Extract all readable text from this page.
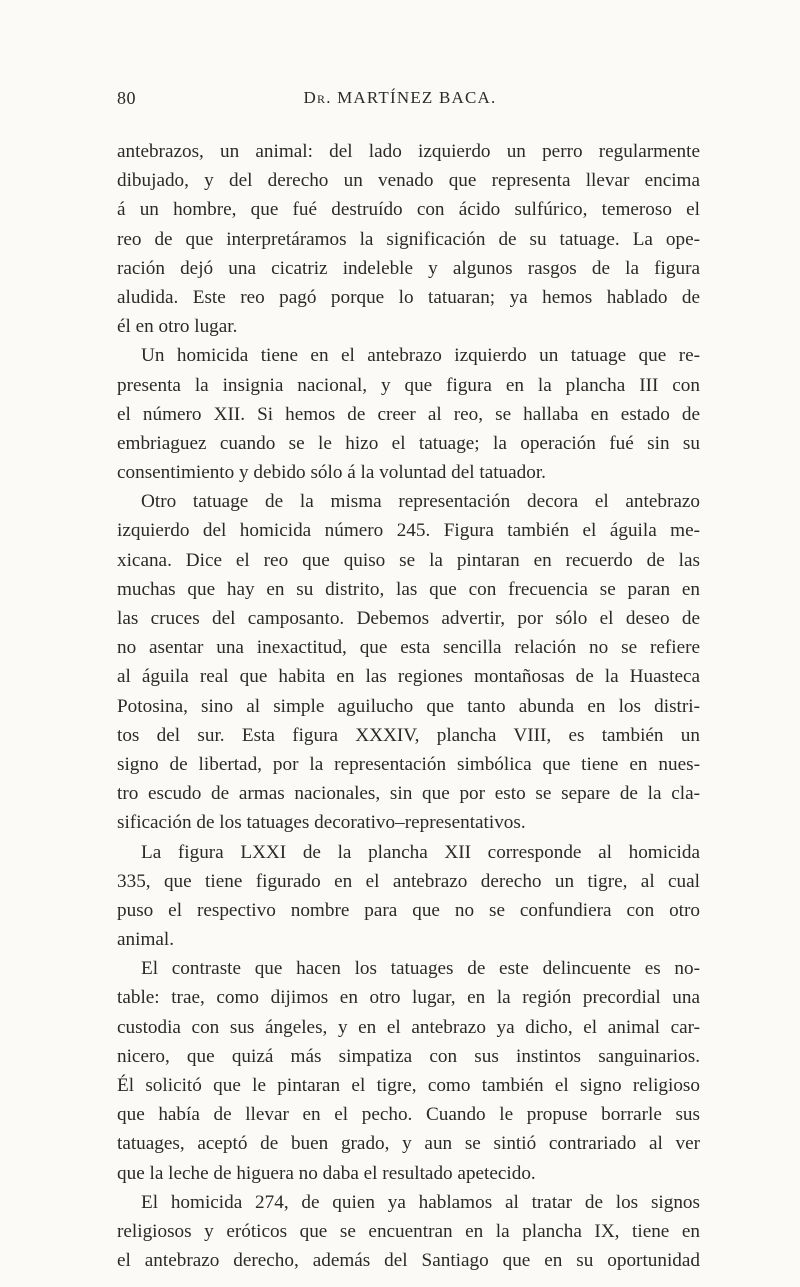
80	Dr. MARTÍNEZ BACA.
antebrazos, un animal: del lado izquierdo un perro regularmente
dibujado, y del derecho un venado que representa llevar encima
á un hombre, que fué destruído con ácido sulfúrico, temeroso el
reo de que interpretáramos la significación de su tatuage. La ope-
ración dejó una cicatriz indeleble y algunos rasgos de la figura
aludida. Este reo pagó porque lo tatuaran; ya hemos hablado de
él en otro lugar.
Un homicida tiene en el antebrazo izquierdo un tatuage que re-
presenta la insignia nacional, y que figura en la plancha III con
el número XII. Si hemos de creer al reo, se hallaba en estado de
embriaguez cuando se le hizo el tatuage; la operación fué sin su
consentimiento y debido sólo á la voluntad del tatuador.
Otro tatuage de la misma representación decora el antebrazo
izquierdo del homicida número 245. Figura también el águila me-
xicana. Dice el reo que quiso se la pintaran en recuerdo de las
muchas que hay en su distrito, las que con frecuencia se paran en
las cruces del camposanto. Debemos advertir, por sólo el deseo de
no asentar una inexactitud, que esta sencilla relación no se refiere
al águila real que habita en las regiones montañosas de la Huasteca
Potosina, sino al simple aguilucho que tanto abunda en los distri-
tos del sur. Esta figura XXXIV, plancha VIII, es también un
signo de libertad, por la representación simbólica que tiene en nues-
tro escudo de armas nacionales, sin que por esto se separe de la cla-
sificación de los tatuages decorativo–representativos.
La figura LXXI de la plancha XII corresponde al homicida
335, que tiene figurado en el antebrazo derecho un tigre, al cual
puso el respectivo nombre para que no se confundiera con otro
animal.
El contraste que hacen los tatuages de este delincuente es no-
table: trae, como dijimos en otro lugar, en la región precordial una
custodia con sus ángeles, y en el antebrazo ya dicho, el animal car-
nicero, que quizá más simpatiza con sus instintos sanguinarios.
Él solicitó que le pintaran el tigre, como también el signo religioso
que había de llevar en el pecho. Cuando le propuse borrarle sus
tatuages, aceptó de buen grado, y aun se sintió contrariado al ver
que la leche de higuera no daba el resultado apetecido.
El homicida 274, de quien ya hablamos al tratar de los signos
religiosos y eróticos que se encuentran en la plancha IX, tiene en
el antebrazo derecho, además del Santiago que en su oportunidad
